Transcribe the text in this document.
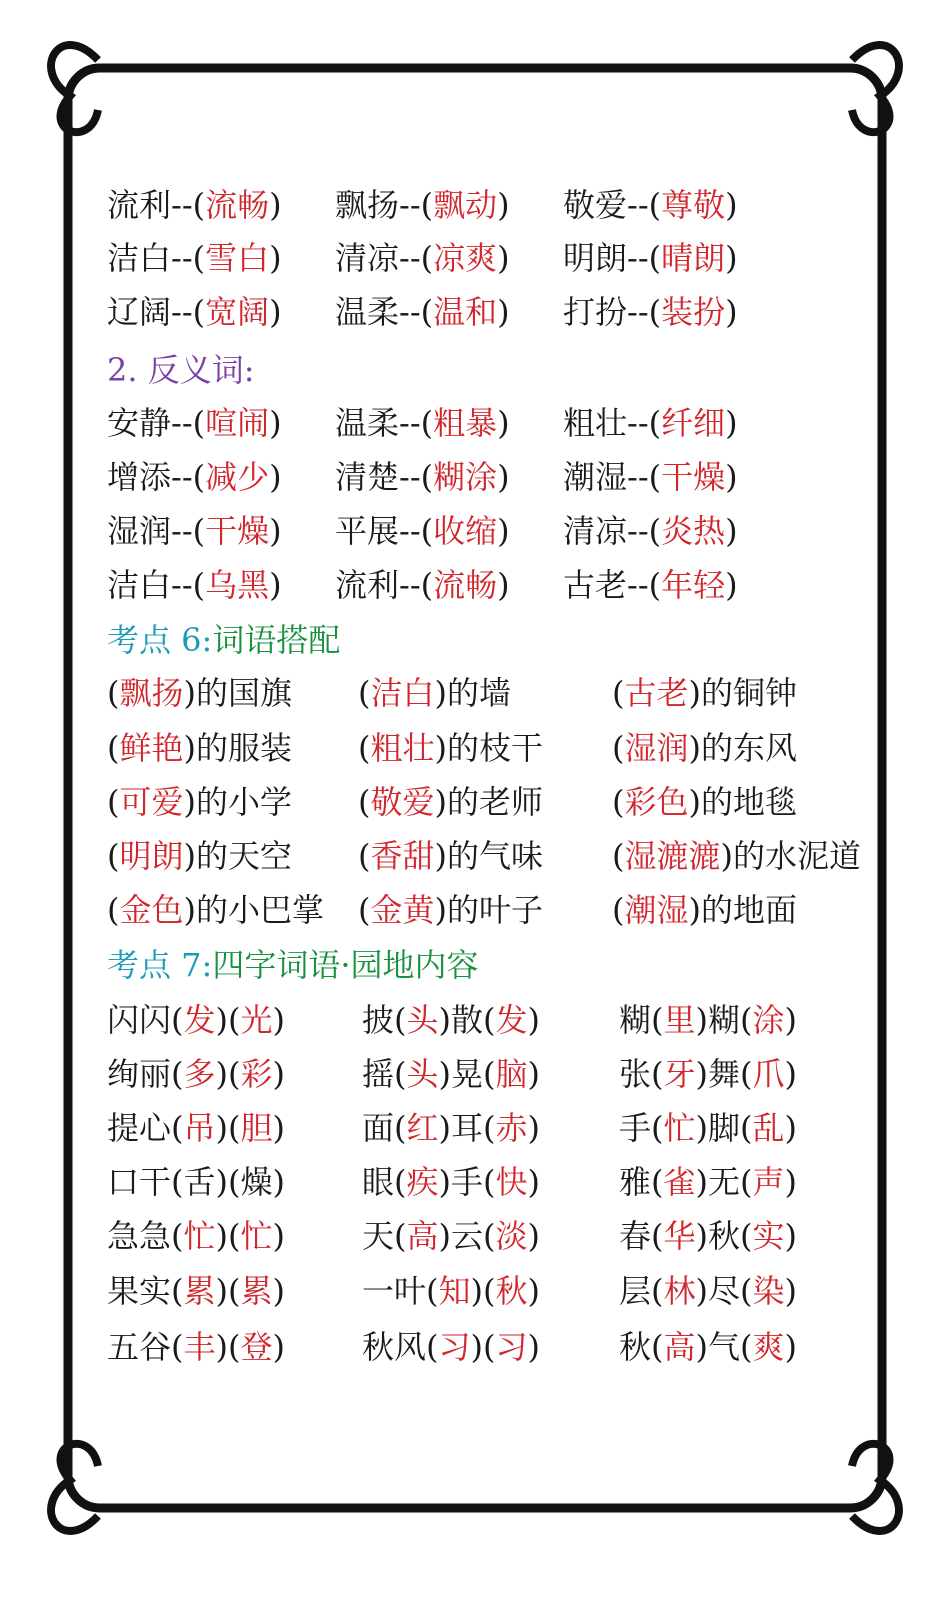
2. 反义词:
考点 6:词语搭配
考点 7:四字词语·园地内容
流利--(流畅) 飘扬--(飘动) 敬爱--(尊敬)
洁白--(雪白) 清凉--(凉爽) 明朗--(晴朗)
辽阔--(宽阔) 温柔--(温和) 打扮--(装扮)
安静--(喧闹) 温柔--(粗暴) 粗壮--(纤细)
增添--(减少) 清楚--(糊涂) 潮湿--(干燥)
湿润--(干燥) 平展--(收缩) 清凉--(炎热)
洁白--(乌黑) 流利--(流畅) 古老--(年轻)
(飘扬)的国旗 (洁白)的墙	(古老)的铜钟
(鲜艳)的服装 (粗壮)的枝干 (湿润)的东风
(可爱)的小学 (敬爱)的老师 (彩色)的地毯
(明朗)的天空 (香甜)的气味 (湿漉漉)的水泥道
(金色)的小巴掌 (金黄)的叶子 (潮湿)的地面
闪闪(发)(光) 披(头)散(发) 糊(里)糊(涂)
绚丽(多)(彩) 摇(头)晃(脑) 张(牙)舞(爪)
提心(吊)(胆) 面(红)耳(赤) 手(忙)脚(乱)
口干(舌)(燥) 眼(疾)手(快) 雅(雀)无(声)
急急(忙)(忙) 天(高)云(淡) 春(华)秋(实)
果实(累)(累) 一叶(知)(秋) 层(林)尽(染)
五谷(丰)(登) 秋风(习)(习) 秋(高)气(爽)
